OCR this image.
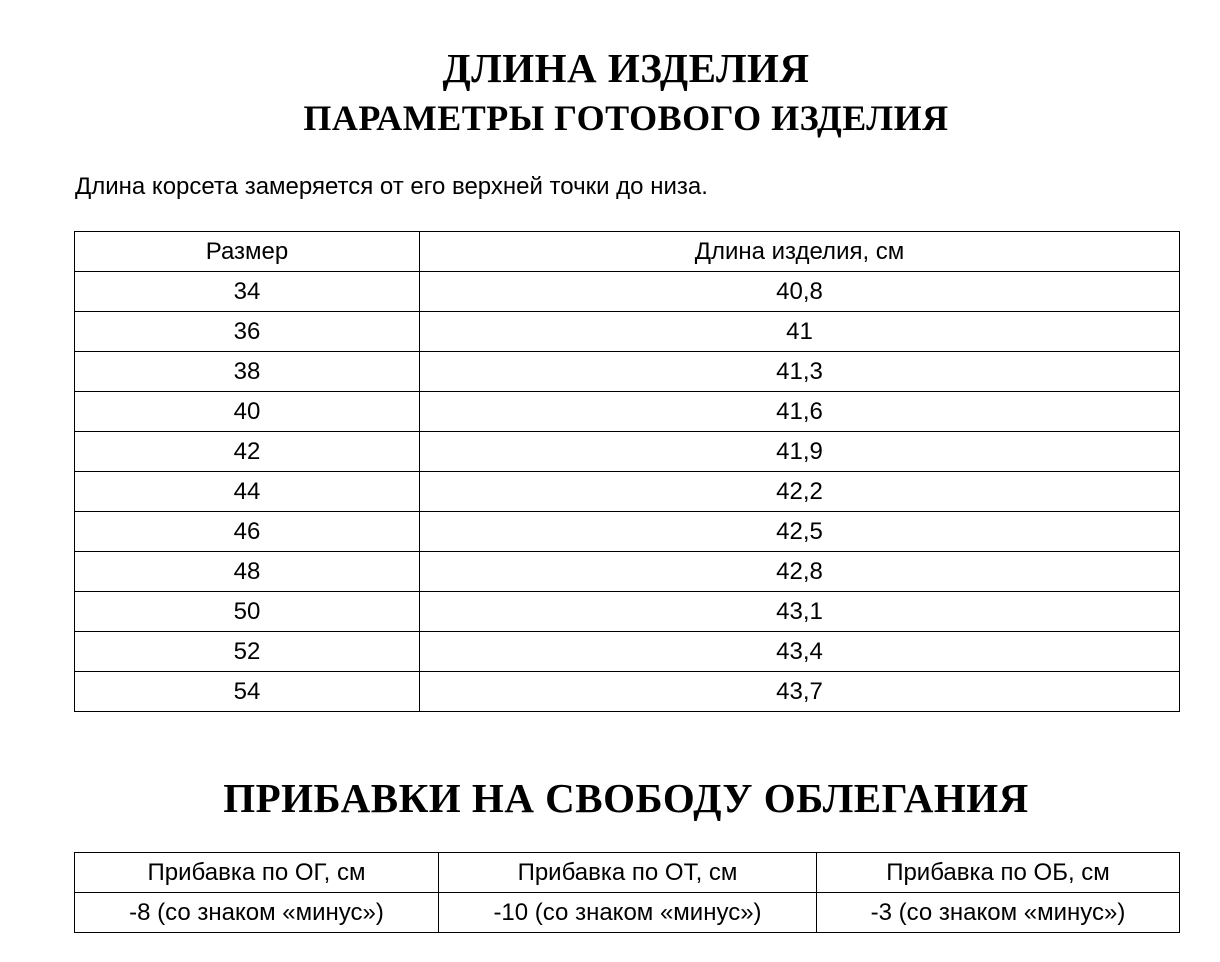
ДЛИНА ИЗДЕЛИЯ
ПАРАМЕТРЫ ГОТОВОГО ИЗДЕЛИЯ

Длина корсета замеряется от его верхней точки до низа.

Размер	Длина изделия, см
34	40,8
36	41
38	41,3
40	41,6
42	41,9
44	42,2
46	42,5
48	42,8
50	43,1
52	43,4
54	43,7
ПРИБАВКИ НА СВОБОДУ ОБЛЕГАНИЯ
Прибавка по ОГ, см	Прибавка по ОТ, см	Прибавка по ОБ, см
-8 (со знаком «минус»)	-10 (со знаком «минус»)	-3 (со знаком «минус»)
